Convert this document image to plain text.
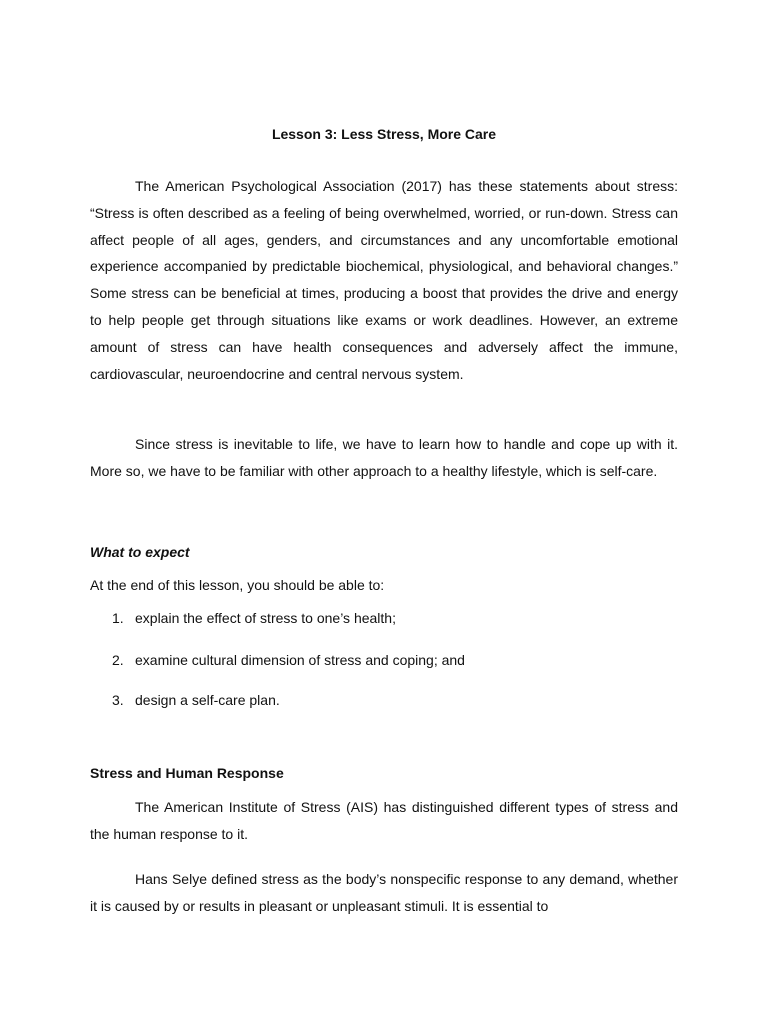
Lesson 3: Less Stress, More Care

The American Psychological Association (2017) has these statements about stress: “Stress is often described as a feeling of being overwhelmed, worried, or run-down. Stress can affect people of all ages, genders, and circumstances and any uncomfortable emotional experience accompanied by predictable biochemical, physiological, and behavioral changes.” Some stress can be beneficial at times, producing a boost that provides the drive and energy to help people get through situations like exams or work deadlines. However, an extreme amount of stress can have health consequences and adversely affect the immune, cardiovascular, neuroendocrine and central nervous system.

Since stress is inevitable to life, we have to learn how to handle and cope up with it. More so, we have to be familiar with other approach to a healthy lifestyle, which is self-care.

What to expect

At the end of this lesson, you should be able to:

1. explain the effect of stress to one’s health;
2. examine cultural dimension of stress and coping; and
3. design a self-care plan.
Stress and Human Response

The American Institute of Stress (AIS) has distinguished different types of stress and the human response to it.

Hans Selye defined stress as the body’s nonspecific response to any demand, whether it is caused by or results in pleasant or unpleasant stimuli. It is essential to
